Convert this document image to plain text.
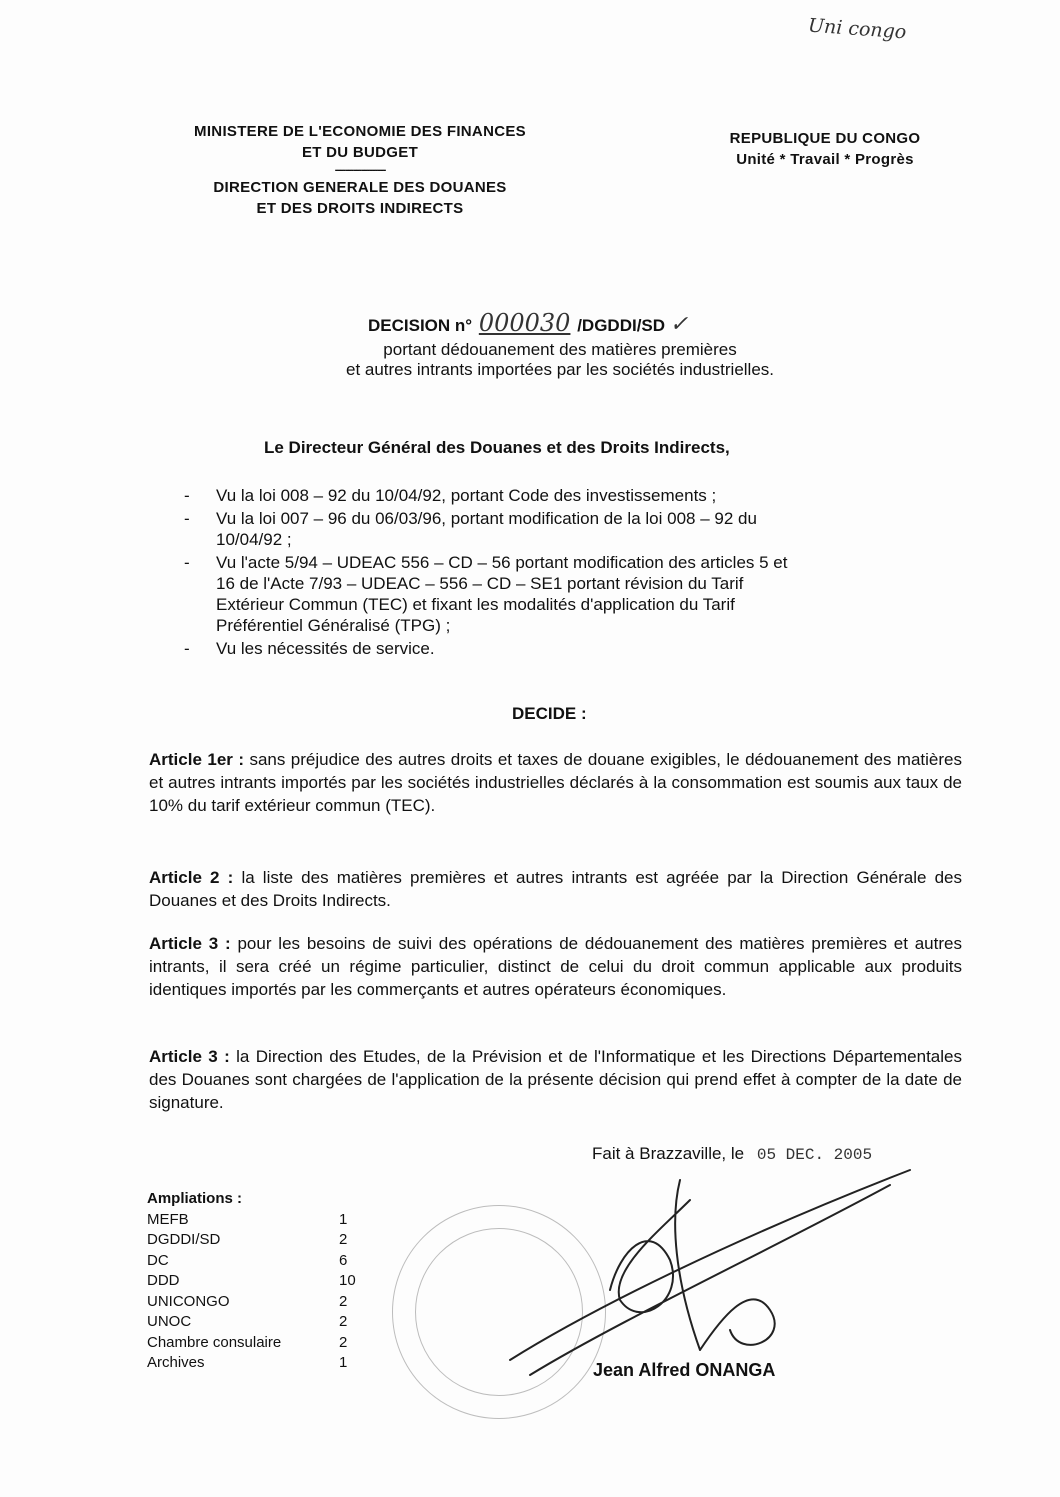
Uni congo
MINISTERE DE L'ECONOMIE DES FINANCES
ET DU BUDGET
-------------------
DIRECTION GENERALE DES DOUANES
ET DES DROITS INDIRECTS
REPUBLIQUE DU CONGO
Unité * Travail * Progrès
DECISION n° 000030 /DGDDI/SD ✓
portant dédouanement des matières premières
et autres intrants importées par les sociétés industrielles.
Le Directeur Général des Douanes et des Droits Indirects,
- Vu la loi 008 – 92 du 10/04/92, portant Code des investissements ;
- Vu la loi 007 – 96 du 06/03/96, portant modification de la loi 008 – 92 du
10/04/92 ;
- Vu l'acte 5/94 – UDEAC 556 – CD – 56 portant modification des articles 5 et
16 de l'Acte 7/93 – UDEAC – 556 – CD – SE1 portant révision du Tarif
Extérieur Commun (TEC) et fixant les modalités d'application du Tarif
Préférentiel Généralisé (TPG) ;
- Vu les nécessités de service.
DECIDE :
Article 1er : sans préjudice des autres droits et taxes de douane exigibles, le dédouanement des matières et autres intrants importés par les sociétés industrielles déclarés à la consommation est soumis aux taux de 10% du tarif extérieur commun (TEC).
Article 2 : la liste des matières premières et autres intrants est agréée par la Direction Générale des Douanes et des Droits Indirects.
Article 3 : pour les besoins de suivi des opérations de dédouanement des matières premières et autres intrants, il sera créé un régime particulier, distinct de celui du droit commun applicable aux produits identiques importés par les commerçants et autres opérateurs économiques.
Article 3 : la Direction des Etudes, de la Prévision et de l'Informatique et les Directions Départementales des Douanes sont chargées de l'application de la présente décision qui prend effet à compter de la date de signature.
Fait à Brazzaville, le 05 DEC. 2005
Ampliations :
MEFB	1
DGDDI/SD	2
DC	6
DDD	10
UNICONGO	2
UNOC	2
Chambre consulaire	2
Archives	1	Jean Alfred ONANGA
